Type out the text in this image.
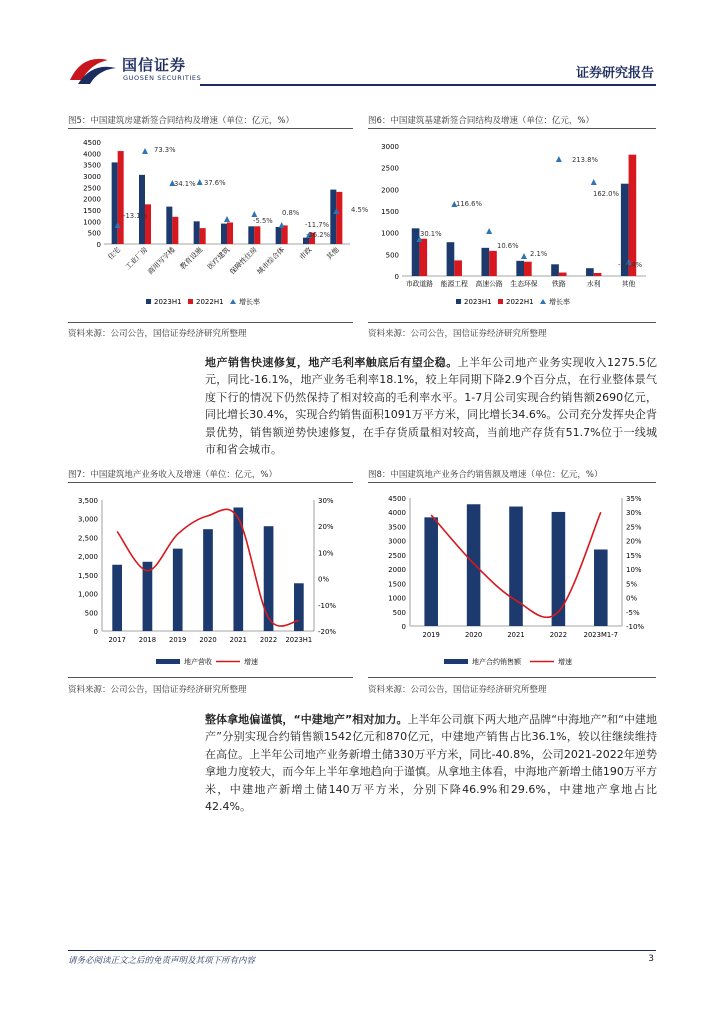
国信证券
GUOSEN SECURITIES	证券研究报告
图5：中国建筑房建新签合同结构及增速（单位：亿元，%）
0
500
1000
1500
2000
2500
3000
3500
4000
4500
住宅 工业厂房
商用写字楼 教育设施 医疗建筑
保障性住房
城市综合体 市政 其他
-13.1%
73.3%
34.1% 37.6%
-5.5%
0.8%
-11.7%
4.5%
-26.2%
2023H1 2022H1 增长率
资料来源：公司公告，国信证券经济研究所整理
图6：中国建筑基建新签合同结构及增速（单位：亿元，%）
0
500
1000
1500
2000
2500
3000
市政道路 能源工程 高速公路 生态环保 铁路	水利	其他
30.1%
116.6%
10.6%
2.1%
213.8%
162.0%
-23.4%
2023H1 2022H1 增长率
资料来源：公司公告，国信证券经济研究所整理
地产销售快速修复，地产毛利率触底后有望企稳。上半年公司地产业务实现收入1275.5亿元，同比-16.1%，地产业务毛利率18.1%，较上年同期下降2.9个百分点，在行业整体景气度下行的情况下仍然保持了相对较高的毛利率水平。1-7月公司实现合约销售额2690亿元，同比增长30.4%，实现合约销售面积1091万平方米，同比增长34.6%。公司充分发挥央企背景优势，销售额逆势快速修复，在手存货质量相对较高，当前地产存货有51.7%位于一线城市和省会城市。
图7：中国建筑地产业务收入及增速（单位：亿元，%）
0
500
1,000
1,500
2,000
2,500
3,000
3,500
-20%
-10%
0%
10%
20%
30%
2017 2018 2019 2020 2021 2022 2023H1
地产营收	增速
资料来源：公司公告，国信证券经济研究所整理
图8：中国建筑地产业务合约销售额及增速（单位：亿元，%）
0
500
1000
1500
2000
2500
3000
3500
4000
4500
-10%
-5%
0%
5%
10%
15%
20%
25%
30%
35%
2019	2020	2021	2022 2023M1-7
地产合约销售额	增速
资料来源：公司公告，国信证券经济研究所整理
整体拿地偏谨慎，“中建地产”相对加力。上半年公司旗下两大地产品牌“中海地产”和“中建地产”分别实现合约销售额1542亿元和870亿元，中建地产销售占比36.1%，较以往继续维持在高位。上半年公司地产业务新增土储330万平方米，同比-40.8%，公司2021-2022年逆势拿地力度较大，而今年上半年拿地趋向于谨慎。从拿地主体看，中海地产新增土储190万平方米，中建地产新增土储140万平方米，分别下降46.9%和29.6%，中建地产拿地占比42.4%。
请务必阅读正文之后的免责声明及其项下所有内容	3
